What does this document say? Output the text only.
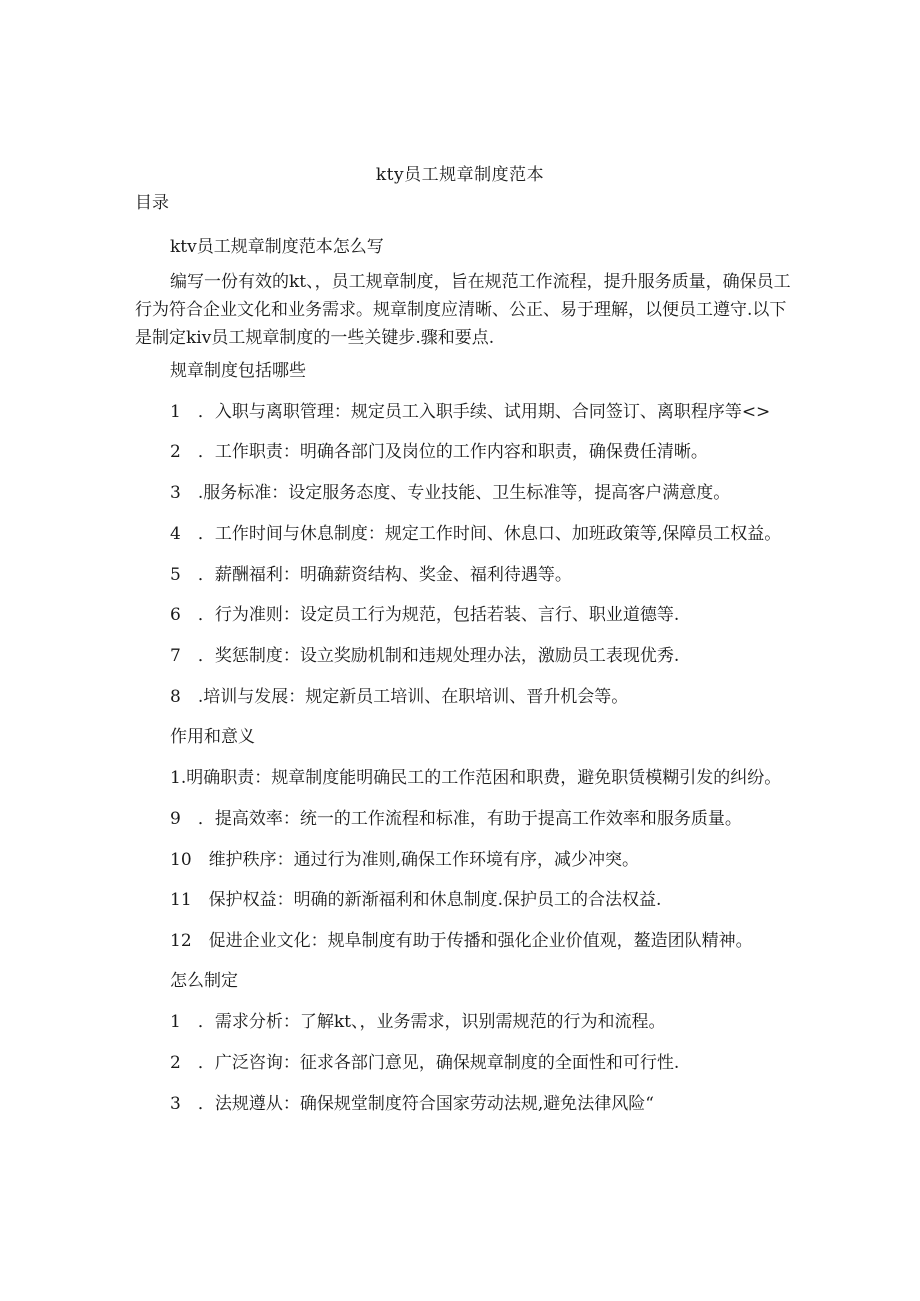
kty员工规章制度范本
目录
ktv员工规章制度范本怎么写
编写一份有效的kt、，员工规章制度，旨在规范工作流程，提升服务质量，确保员工行为符合企业文化和业务需求。规章制度应清晰、公正、易于理解，以便员工遵守.以下是制定kiv员工规章制度的一些关键步.骤和要点.
规章制度包括哪些
1　．入职与离职管理：规定员工入职手续、试用期、合同签订、离职程序等<>
2　．工作职责：明确各部门及岗位的工作内容和职责，确保费任清晰。
3　.服务标准：设定服务态度、专业技能、卫生标准等，提高客户满意度。
4　．工作时间与休息制度：规定工作时间、休息口、加班政策等,保障员工权益。
5　．薪酬福利：明确薪资结构、奖金、福利待遇等。
6　．行为准则：设定员工行为规范，包括若装、言行、职业道德等.
7　．奖惩制度：设立奖励机制和违规处理办法，激励员工表现优秀.
8　.培训与发展：规定新员工培训、在职培训、晋升机会等。
作用和意义
1.明确职责：规章制度能明确民工的工作范困和职费，避免职赁模糊引发的纠纷。
9　．提高效率：统一的工作流程和标准，有助于提高工作效率和服务质量。
10　维护秩序：通过行为准则,确保工作环境有序，减少冲突。
11　保护权益：明确的新渐福利和休息制度.保护员工的合法权益.
12　促进企业文化：规阜制度有助于传播和强化企业价值观，鳌造团队精神。
怎么制定
1　．需求分析：了解kt、，业务需求，识别需规范的行为和流程。
2　．广泛咨询：征求各部门意见，确保规章制度的全面性和可行性.
3　．法规遵从：确保规堂制度符合国家劳动法规,避免法律风险“
